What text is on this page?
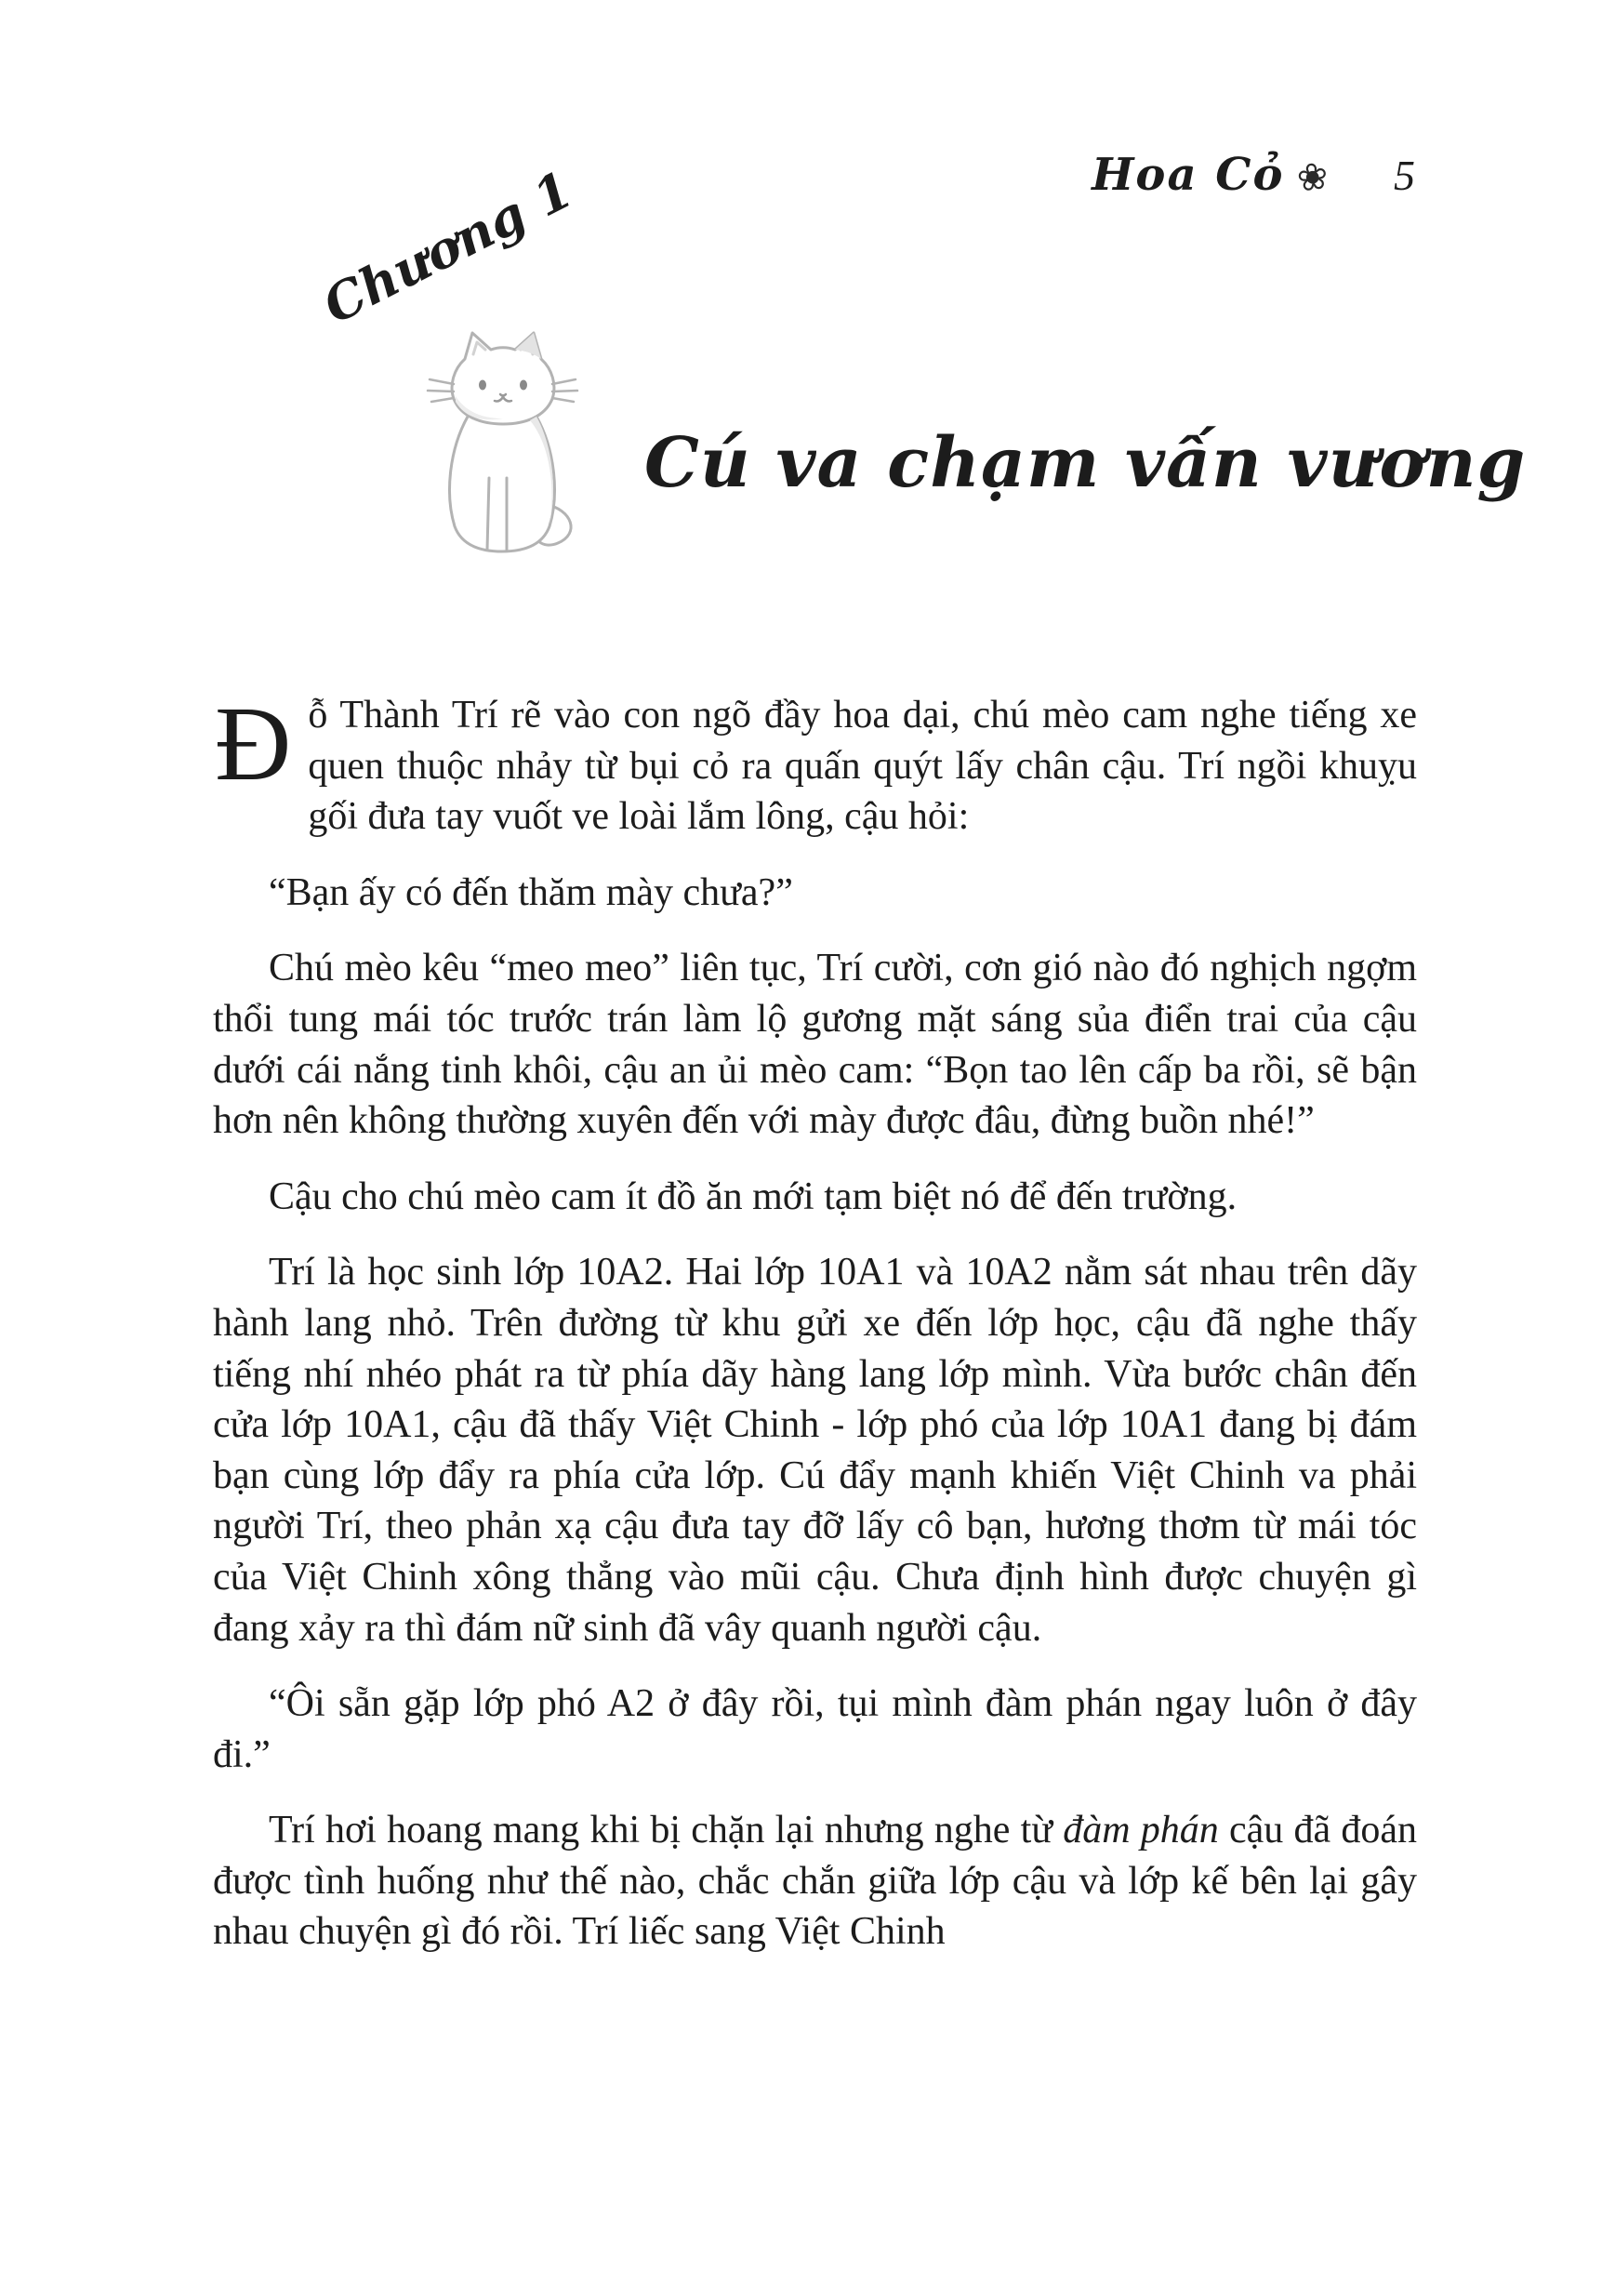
Hoa Cỏ ❀ 5
Chương 1
Cú va chạm vấn vương

Đỗ Thành Trí rẽ vào con ngõ đầy hoa dại, chú mèo cam nghe tiếng xe quen thuộc nhảy từ bụi cỏ ra quấn quýt lấy chân cậu. Trí ngồi khuỵu gối đưa tay vuốt ve loài lắm lông, cậu hỏi:

“Bạn ấy có đến thăm mày chưa?”

Chú mèo kêu “meo meo” liên tục, Trí cười, cơn gió nào đó nghịch ngợm thổi tung mái tóc trước trán làm lộ gương mặt sáng sủa điển trai của cậu dưới cái nắng tinh khôi, cậu an ủi mèo cam: “Bọn tao lên cấp ba rồi, sẽ bận hơn nên không thường xuyên đến với mày được đâu, đừng buồn nhé!”

Cậu cho chú mèo cam ít đồ ăn mới tạm biệt nó để đến trường.

Trí là học sinh lớp 10A2. Hai lớp 10A1 và 10A2 nằm sát nhau trên dãy hành lang nhỏ. Trên đường từ khu gửi xe đến lớp học, cậu đã nghe thấy tiếng nhí nhéo phát ra từ phía dãy hàng lang lớp mình. Vừa bước chân đến cửa lớp 10A1, cậu đã thấy Việt Chinh - lớp phó của lớp 10A1 đang bị đám bạn cùng lớp đẩy ra phía cửa lớp. Cú đẩy mạnh khiến Việt Chinh va phải người Trí, theo phản xạ cậu đưa tay đỡ lấy cô bạn, hương thơm từ mái tóc của Việt Chinh xông thẳng vào mũi cậu. Chưa định hình được chuyện gì đang xảy ra thì đám nữ sinh đã vây quanh người cậu.

“Ôi sẵn gặp lớp phó A2 ở đây rồi, tụi mình đàm phán ngay luôn ở đây đi.”

Trí hơi hoang mang khi bị chặn lại nhưng nghe từ đàm phán cậu đã đoán được tình huống như thế nào, chắc chắn giữa lớp cậu và lớp kế bên lại gây nhau chuyện gì đó rồi. Trí liếc sang Việt Chinh
